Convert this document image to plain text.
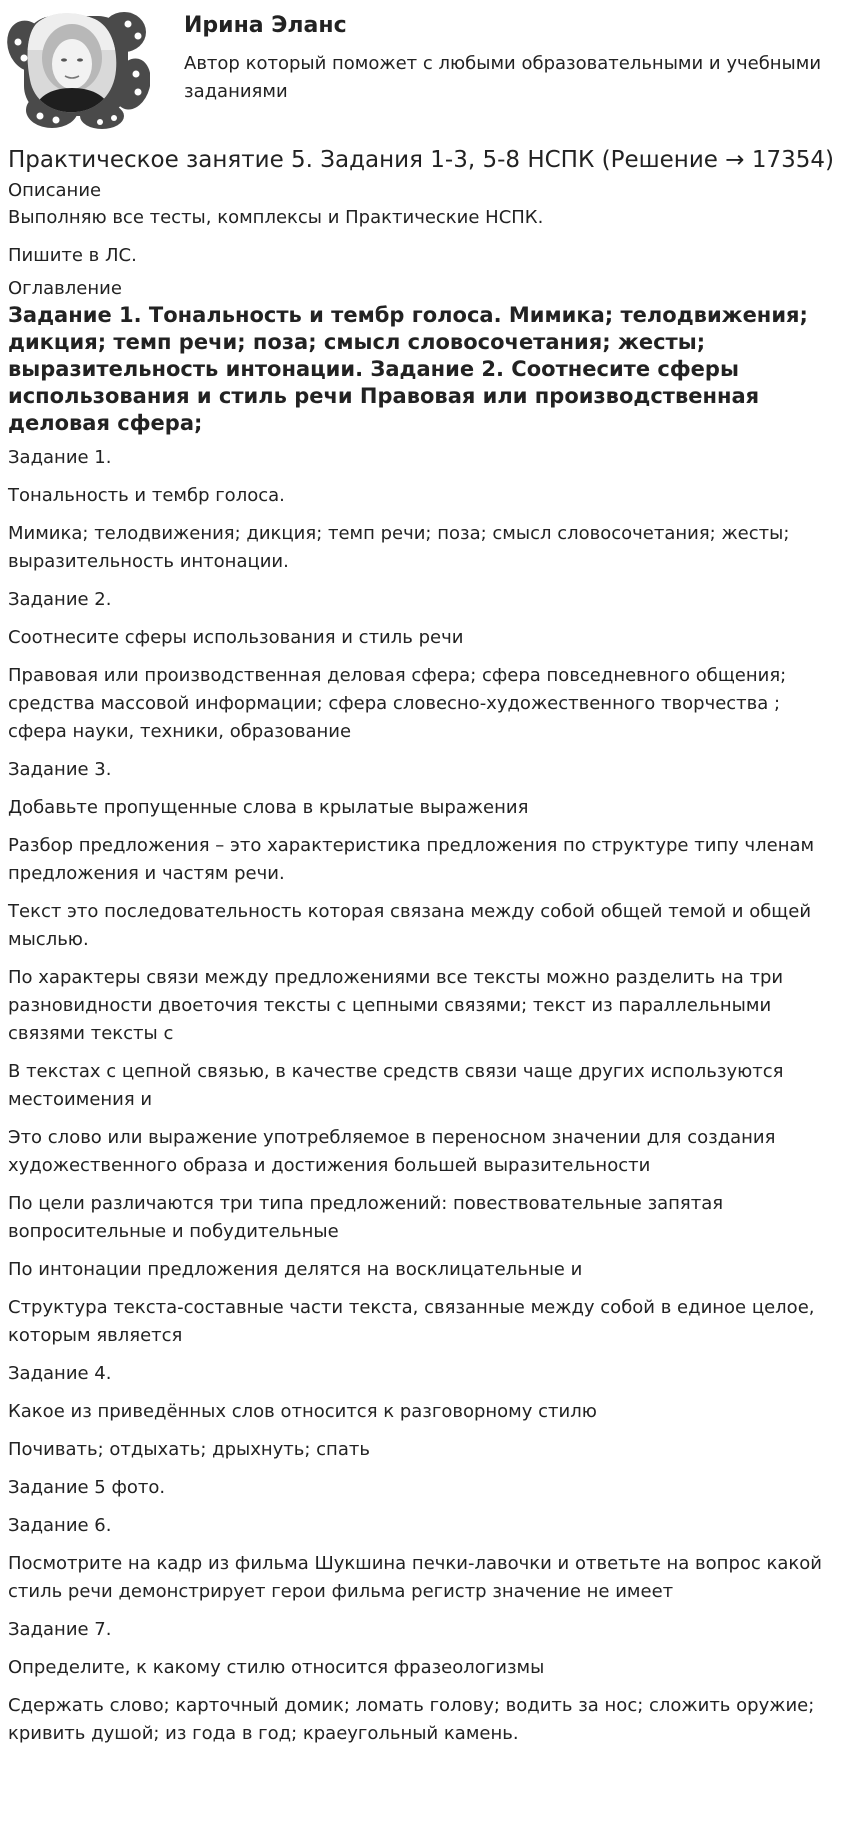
Ирина Эланс

Автор который поможет с любыми образовательными и учебными заданиями

Практическое занятие 5. Задания 1-3, 5-8 НСПК (Решение → 17354)
Описание

Выполняю все тесты, комплексы и Практические НСПК.

Пишите в ЛС.

Оглавление
Задание 1. Тональность и тембр голоса. Мимика; телодвижения; дикция; темп речи; поза; смысл словосочетания; жесты; выразительность интонации. Задание 2. Соотнесите сферы использования и стиль речи Правовая или производственная деловая сфера;

Задание 1.

Тональность и тембр голоса.

Мимика; телодвижения; дикция; темп речи; поза; смысл словосочетания; жесты; выразительность интонации.

Задание 2.

Соотнесите сферы использования и стиль речи

Правовая или производственная деловая сфера; сфера повседневного общения; средства массовой информации; сфера словесно-художественного творчества ; сфера науки, техники, образование

Задание 3.

Добавьте пропущенные слова в крылатые выражения

Разбор предложения – это характеристика предложения по структуре типу членам предложения и частям речи.

Текст это последовательность которая связана между собой общей темой и общей мыслью.

По характеры связи между предложениями все тексты можно разделить на три разновидности двоеточия тексты с цепными связями; текст из параллельными связями тексты с

В текстах с цепной связью, в качестве средств связи чаще других используются местоимения и

Это слово или выражение употребляемое в переносном значении для создания художественного образа и достижения большей выразительности

По цели различаются три типа предложений: повествовательные запятая вопросительные и побудительные

По интонации предложения делятся на восклицательные и

Структура текста-составные части текста, связанные между собой в единое целое, которым является

Задание 4.

Какое из приведённых слов относится к разговорному стилю

Почивать; отдыхать; дрыхнуть; спать

Задание 5 фото.

Задание 6.

Посмотрите на кадр из фильма Шукшина печки-лавочки и ответьте на вопрос какой стиль речи демонстрирует герои фильма регистр значение не имеет

Задание 7.

Определите, к какому стилю относится фразеологизмы

Сдержать слово; карточный домик; ломать голову; водить за нос; сложить оружие; кривить душой; из года в год; краеугольный камень.
